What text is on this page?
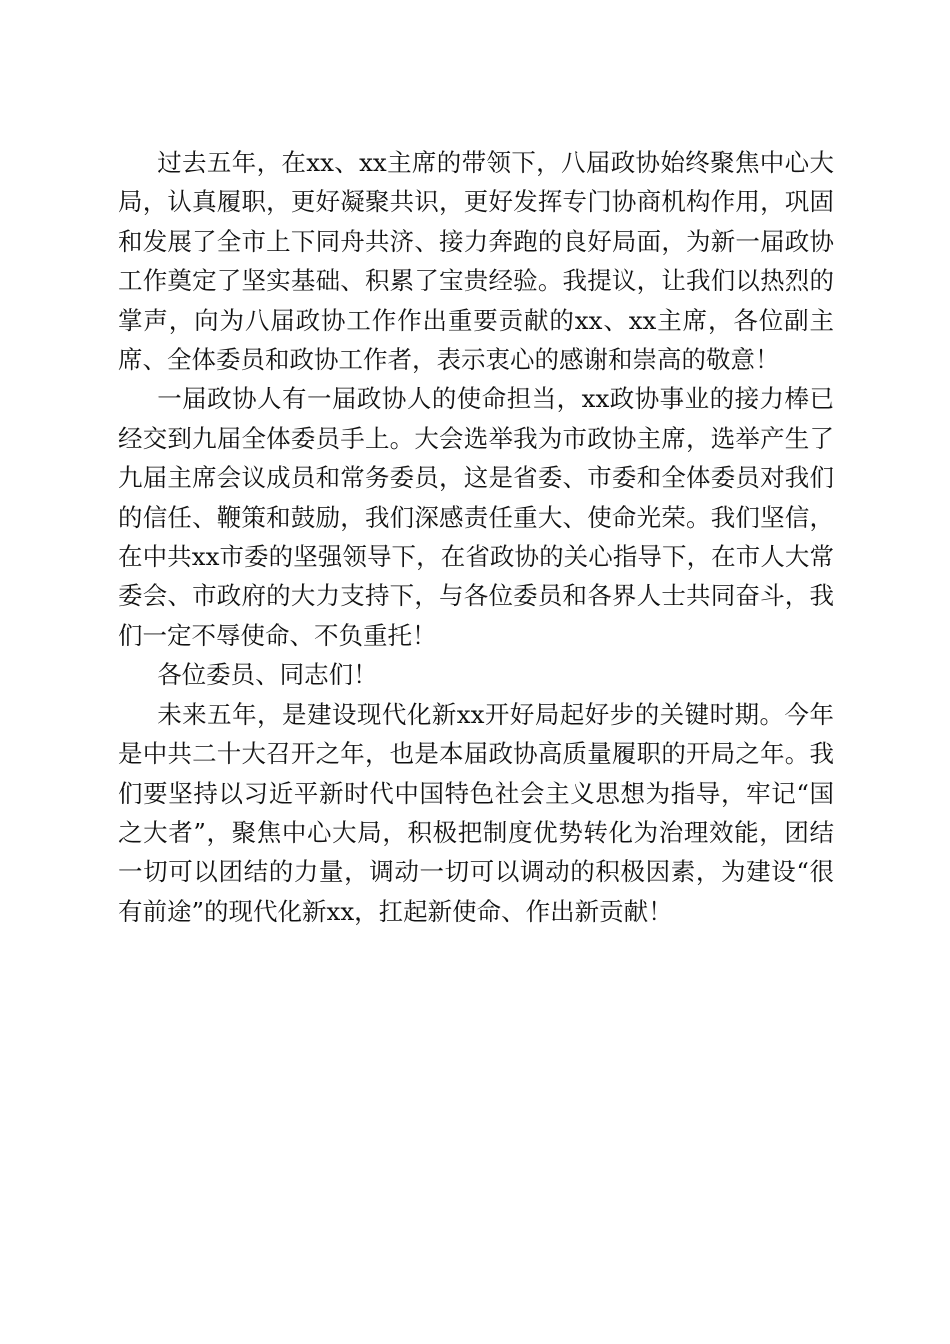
过去五年，在xx、xx主席的带领下，八届政协始终聚焦中心大局，认真履职，更好凝聚共识，更好发挥专门协商机构作用，巩固和发展了全市上下同舟共济、接力奔跑的良好局面，为新一届政协工作奠定了坚实基础、积累了宝贵经验。我提议，让我们以热烈的掌声，向为八届政协工作作出重要贡献的xx、xx主席，各位副主席、全体委员和政协工作者，表示衷心的感谢和崇高的敬意！

一届政协人有一届政协人的使命担当，xx政协事业的接力棒已经交到九届全体委员手上。大会选举我为市政协主席，选举产生了九届主席会议成员和常务委员，这是省委、市委和全体委员对我们的信任、鞭策和鼓励，我们深感责任重大、使命光荣。我们坚信，在中共xx市委的坚强领导下，在省政协的关心指导下，在市人大常委会、市政府的大力支持下，与各位委员和各界人士共同奋斗，我们一定不辱使命、不负重托！

各位委员、同志们！

未来五年，是建设现代化新xx开好局起好步的关键时期。今年是中共二十大召开之年，也是本届政协高质量履职的开局之年。我们要坚持以习近平新时代中国特色社会主义思想为指导，牢记“国之大者”，聚焦中心大局，积极把制度优势转化为治理效能，团结一切可以团结的力量，调动一切可以调动的积极因素，为建设“很有前途”的现代化新xx，扛起新使命、作出新贡献！
